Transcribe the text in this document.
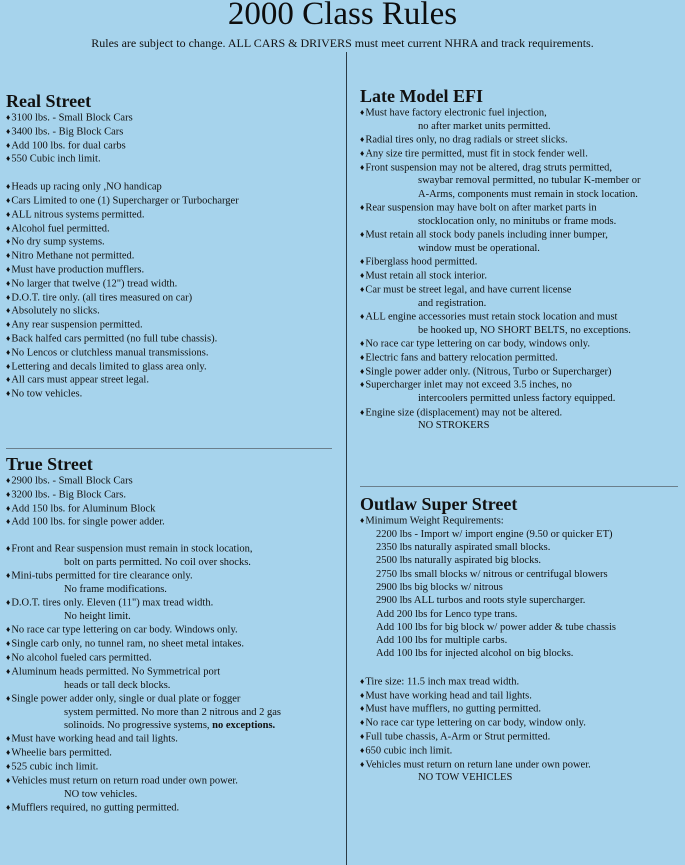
2000 Class Rules
Rules are subject to change. ALL CARS & DRIVERS must meet current NHRA and track requirements.
Real Street
♦ 3100 lbs. - Small Block Cars
♦ 3400 lbs. - Big Block Cars
♦ Add 100 lbs. for dual carbs
♦ 550 Cubic inch limit.
♦ Heads up racing only ,NO handicap
♦ Cars Limited to one (1) Supercharger or Turbocharger
♦ ALL nitrous systems permitted.
♦ Alcohol fuel permitted.
♦ No dry sump systems.
♦ Nitro Methane not permitted.
♦ Must have production mufflers.
♦ No larger that twelve (12") tread width.
♦ D.O.T. tire only. (all tires measured on car)
♦ Absolutely no slicks.
♦ Any rear suspension permitted.
♦ Back halfed cars permitted (no full tube chassis).
♦ No Lencos or clutchless manual transmissions.
♦ Lettering and decals limited to glass area only.
♦ All cars must appear street legal.
♦ No tow vehicles.
True Street
♦ 2900 lbs. - Small Block Cars
♦ 3200 lbs. - Big Block Cars.
♦ Add 150 lbs. for Aluminum Block
♦ Add 100 lbs. for single power adder.
♦ Front and Rear suspension must remain in stock location,
bolt on parts permitted. No coil over shocks.
♦ Mini-tubs permitted for tire clearance only.
No frame modifications.
♦ D.O.T. tires only. Eleven (11") max tread width.
No height limit.
♦ No race car type lettering on car body. Windows only.
♦ Single carb only, no tunnel ram, no sheet metal intakes.
♦ No alcohol fueled cars permitted.
♦ Aluminum heads permitted. No Symmetrical port
heads or tall deck blocks.
♦ Single power adder only, single or dual plate or fogger
system permitted. No more than 2 nitrous and 2 gas
solinoids. No progressive systems, no exceptions.
♦ Must have working head and tail lights.
♦ Wheelie bars permitted.
♦ 525 cubic inch limit.
♦ Vehicles must return on return road under own power.
NO tow vehicles.
♦ Mufflers required, no gutting permitted.
Late Model EFI
♦ Must have factory electronic fuel injection,
no after market units permitted.
♦ Radial tires only, no drag radials or street slicks.
♦ Any size tire permitted, must fit in stock fender well.
♦ Front suspension may not be altered, drag struts permitted,
swaybar removal permitted, no tubular K-member or
A-Arms, components must remain in stock location.
♦ Rear suspension may have bolt on after market parts in
stocklocation only, no minitubs or frame mods.
♦ Must retain all stock body panels including inner bumper,
window must be operational.
♦ Fiberglass hood permitted.
♦ Must retain all stock interior.
♦ Car must be street legal, and have current license
and registration.
♦ ALL engine accessories must retain stock location and must
be hooked up, NO SHORT BELTS, no exceptions.
♦ No race car type lettering on car body, windows only.
♦ Electric fans and battery relocation permitted.
♦ Single power adder only. (Nitrous, Turbo or Supercharger)
♦ Supercharger inlet may not exceed 3.5 inches, no
intercoolers permitted unless factory equipped.
♦ Engine size (displacement) may not be altered.
NO STROKERS
Outlaw Super Street
♦ Minimum Weight Requirements:
2200 lbs - Import w/ import engine (9.50 or quicker ET)
2350 lbs naturally aspirated small blocks.
2500 lbs naturally aspirated big blocks.
2750 lbs small blocks w/ nitrous or centrifugal blowers
2900 lbs big blocks w/ nitrous
2900 lbs ALL turbos and roots style supercharger.
Add 200 lbs for Lenco type trans.
Add 100 lbs for big block w/ power adder & tube chassis
Add 100 lbs for multiple carbs.
Add 100 lbs for injected alcohol on big blocks.
♦ Tire size: 11.5 inch max tread width.
♦ Must have working head and tail lights.
♦ Must have mufflers, no gutting permitted.
♦ No race car type lettering on car body, window only.
♦ Full tube chassis, A-Arm or Strut permitted.
♦ 650 cubic inch limit.
♦ Vehicles must return on return lane under own power.
NO TOW VEHICLES
